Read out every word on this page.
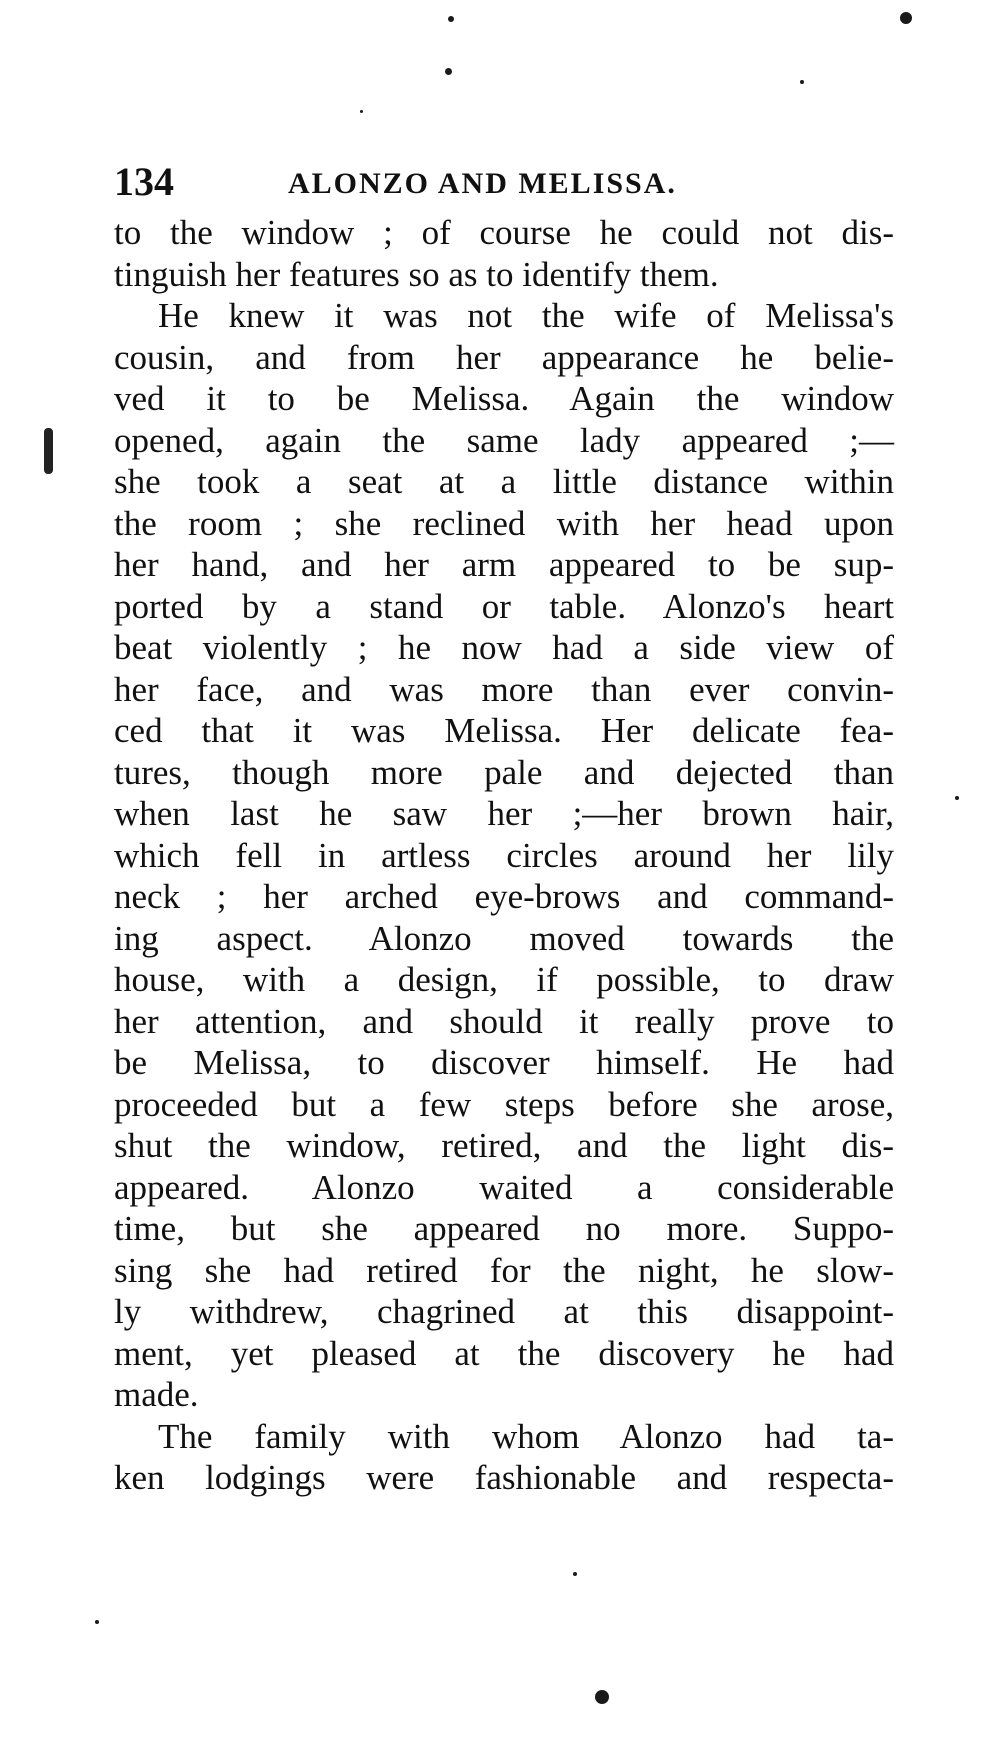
134	ALONZO AND MELISSA.
to the window ; of course he could not dis-
tinguish her features so as to identify them.
He knew it was not the wife of Melissa's
cousin, and from her appearance he belie-
ved it to be Melissa. Again the window
opened, again the same lady appeared ;—
she took a seat at a little distance within
the room ; she reclined with her head upon
her hand, and her arm appeared to be sup-
ported by a stand or table. Alonzo's heart
beat violently ; he now had a side view of
her face, and was more than ever convin-
ced that it was Melissa. Her delicate fea-
tures, though more pale and dejected than
when last he saw her ;—her brown hair,
which fell in artless circles around her lily
neck ; her arched eye-brows and command-
ing aspect. Alonzo moved towards the
house, with a design, if possible, to draw
her attention, and should it really prove to
be Melissa, to discover himself. He had
proceeded but a few steps before she arose,
shut the window, retired, and the light dis-
appeared. Alonzo waited a considerable
time, but she appeared no more. Suppo-
sing she had retired for the night, he slow-
ly withdrew, chagrined at this disappoint-
ment, yet pleased at the discovery he had
made.
The family with whom Alonzo had ta-
ken lodgings were fashionable and respecta-
